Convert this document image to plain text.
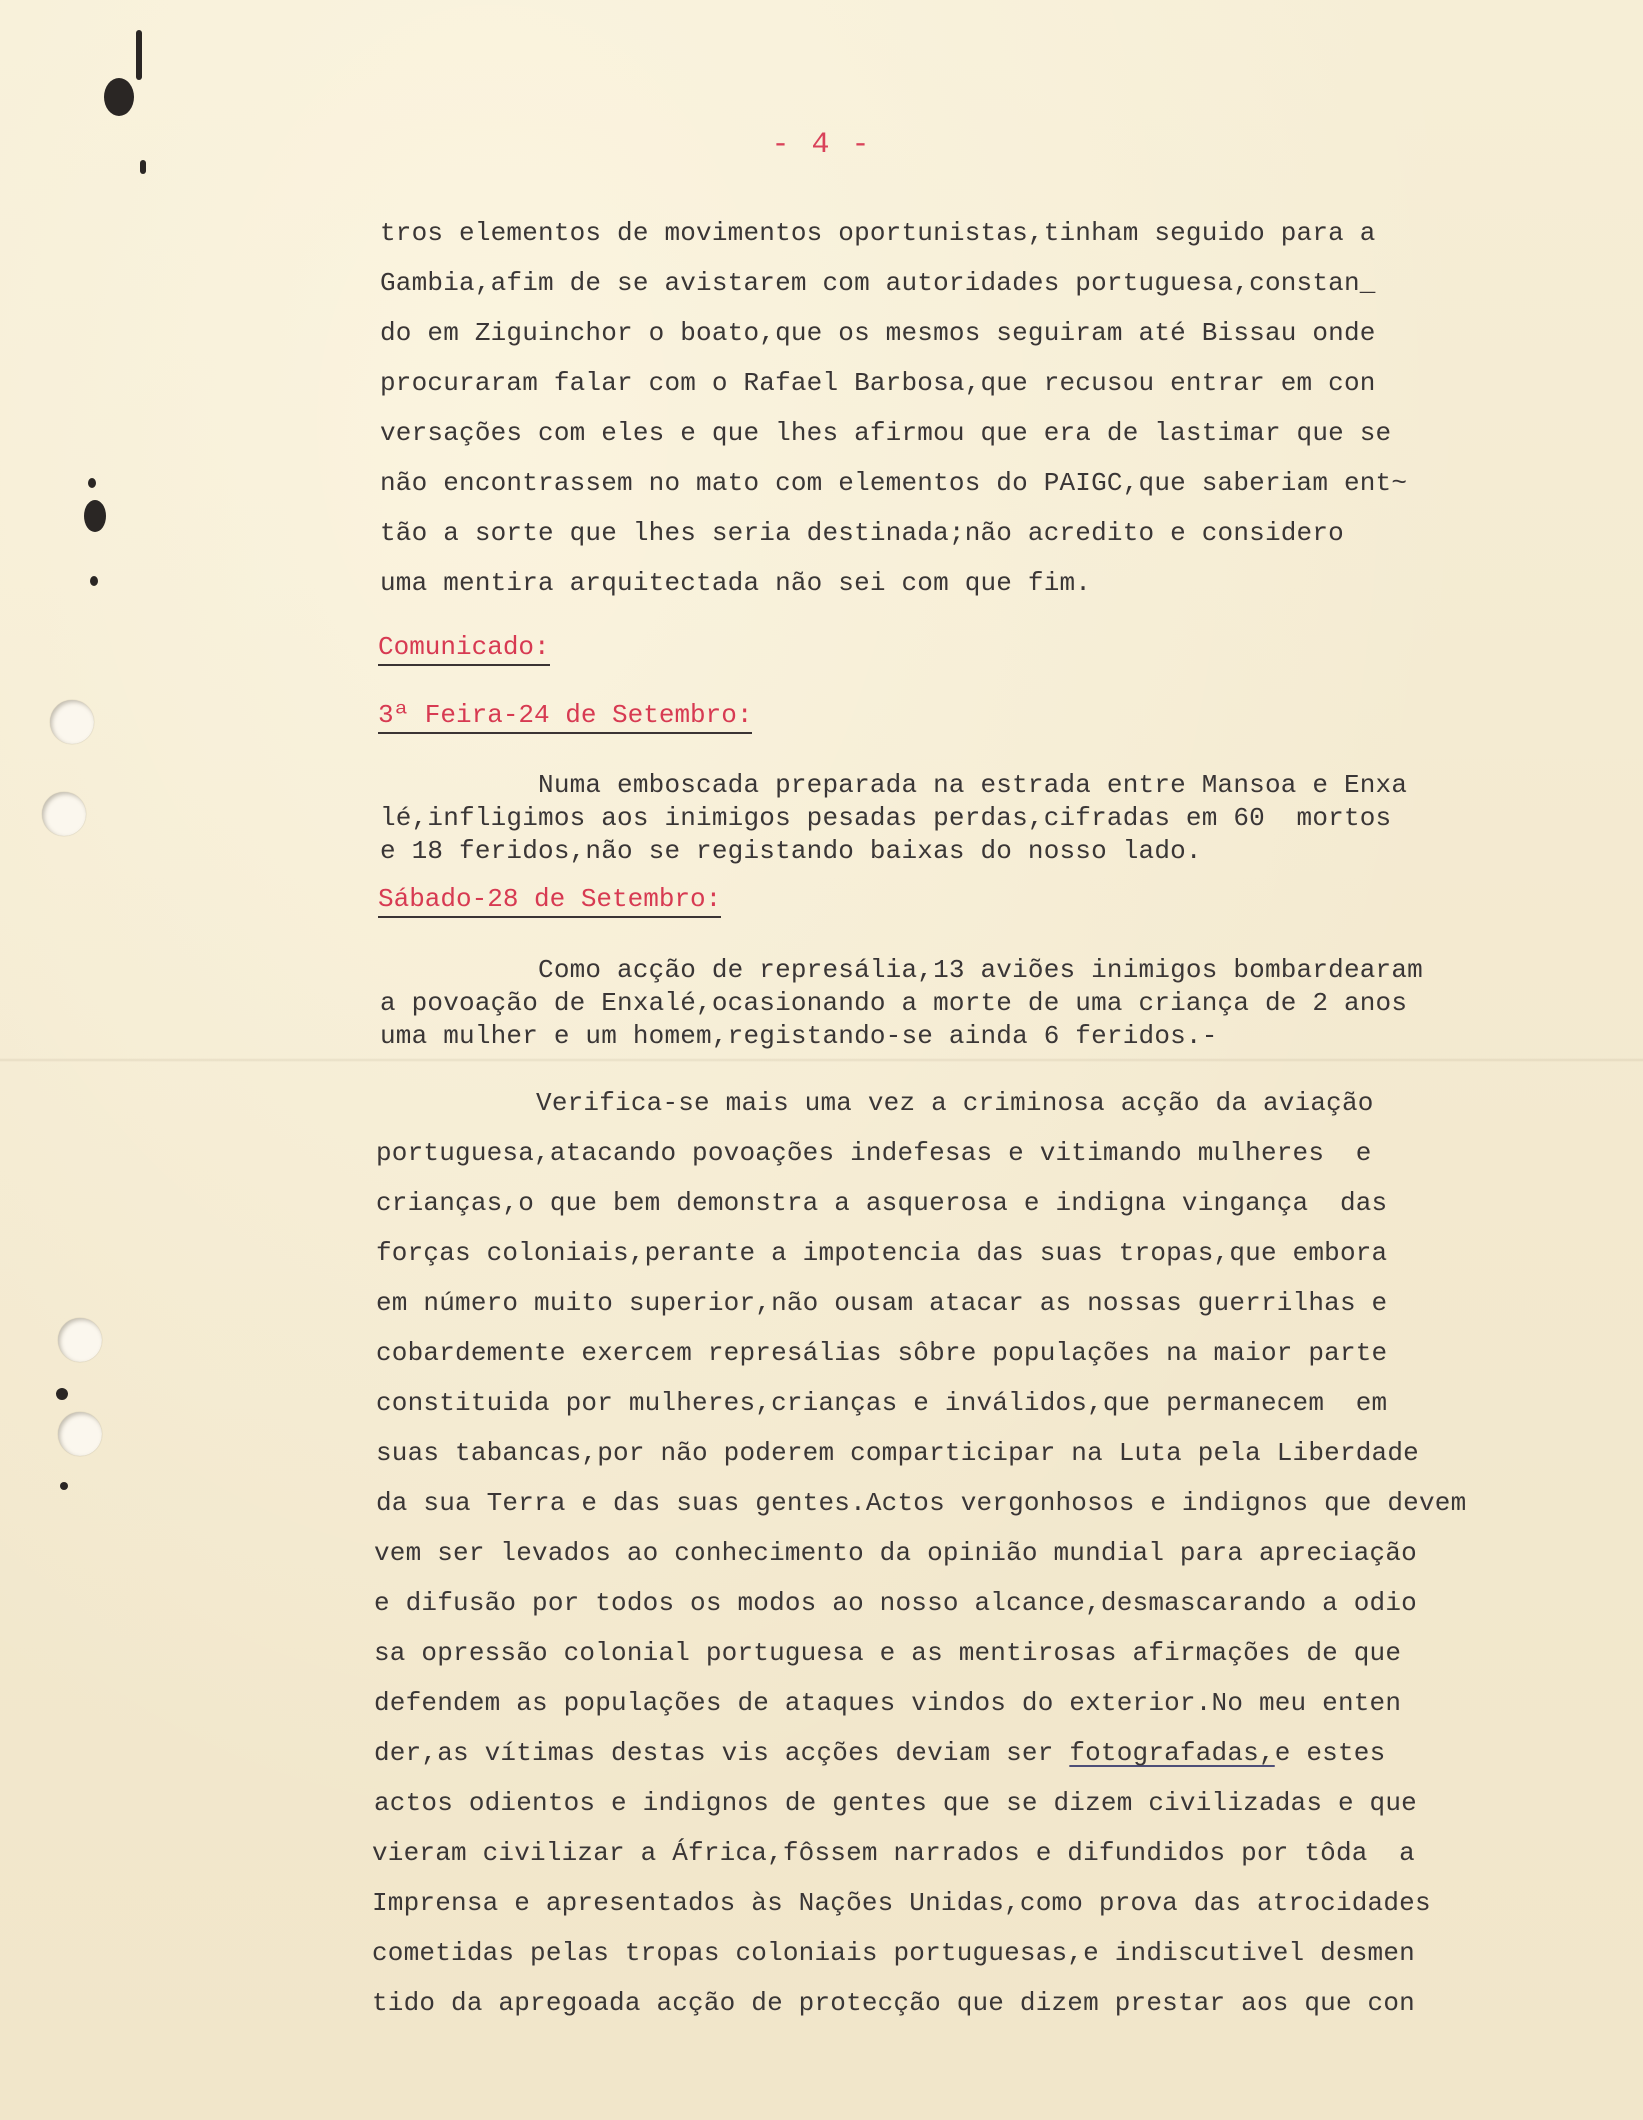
- 4 -
tros elementos de movimentos oportunistas,tinham seguido para a
Gambia,afim de se avistarem com autoridades portuguesa,constan_
do em Ziguinchor o boato,que os mesmos seguiram até Bissau onde
procuraram falar com o Rafael Barbosa,que recusou entrar em con
versações com eles e que lhes afirmou que era de lastimar que se
não encontrassem no mato com elementos do PAIGC,que saberiam ent~
tão a sorte que lhes seria destinada;não acredito e considero
uma mentira arquitectada não sei com que fim.
Comunicado:
3ª Feira-24 de Setembro:
Numa emboscada preparada na estrada entre Mansoa e Enxa
lé,infligimos aos inimigos pesadas perdas,cifradas em 60  mortos
e 18 feridos,não se registando baixas do nosso lado.
Sábado-28 de Setembro:
Como acção de represália,13 aviões inimigos bombardearam
a povoação de Enxalé,ocasionando a morte de uma criança de 2 anos
uma mulher e um homem,registando-se ainda 6 feridos.-
Verifica-se mais uma vez a criminosa acção da aviação
portuguesa,atacando povoações indefesas e vitimando mulheres  e
crianças,o que bem demonstra a asquerosa e indigna vingança  das
forças coloniais,perante a impotencia das suas tropas,que embora
em número muito superior,não ousam atacar as nossas guerrilhas e
cobardemente exercem represálias sôbre populações na maior parte
constituida por mulheres,crianças e inválidos,que permanecem  em
suas tabancas,por não poderem comparticipar na Luta pela Liberdade
da sua Terra e das suas gentes.Actos vergonhosos e indignos que devem
vem ser levados ao conhecimento da opinião mundial para apreciação
e difusão por todos os modos ao nosso alcance,desmascarando a odio
sa opressão colonial portuguesa e as mentirosas afirmações de que
defendem as populações de ataques vindos do exterior.No meu enten
der,as vítimas destas vis acções deviam ser fotografadas,e estes
actos odientos e indignos de gentes que se dizem civilizadas e que
vieram civilizar a África,fôssem narrados e difundidos por tôda  a
Imprensa e apresentados às Nações Unidas,como prova das atrocidades
cometidas pelas tropas coloniais portuguesas,e indiscutivel desmen
tido da apregoada acção de protecção que dizem prestar aos que con
